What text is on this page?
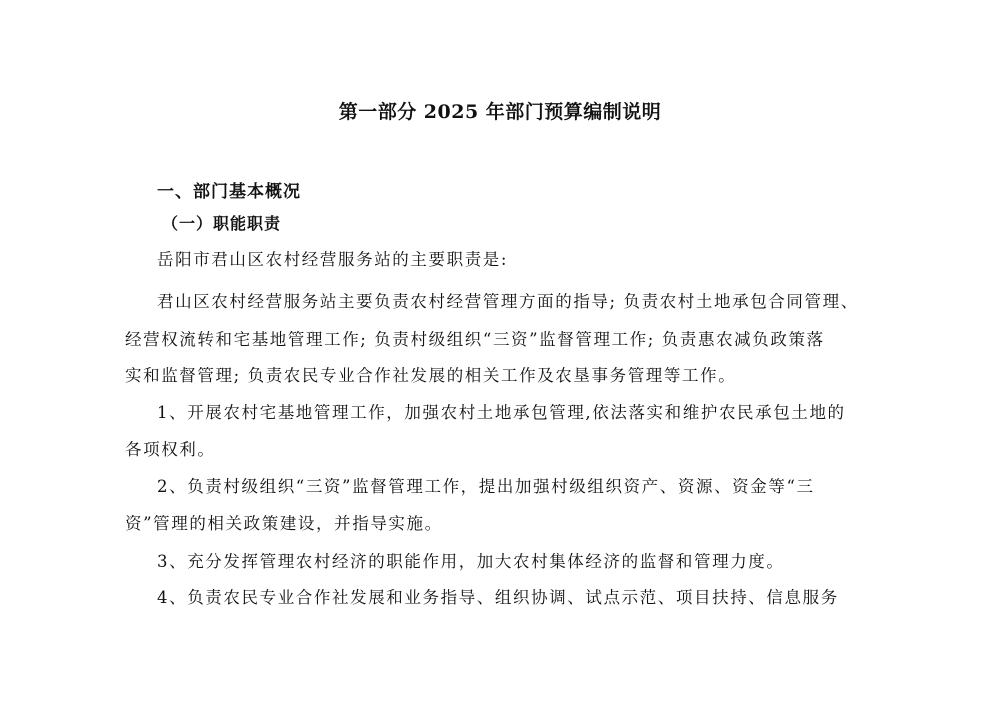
第一部分 2025 年部门预算编制说明
一、部门基本概况
（一）职能职责
岳阳市君山区农村经营服务站的主要职责是:
君山区农村经营服务站主要负责农村经营管理方面的指导; 负责农村土地承包合同管理、
经营权流转和宅基地管理工作; 负责村级组织“三资”监督管理工作; 负责惠农减负政策落
实和监督管理; 负责农民专业合作社发展的相关工作及农垦事务管理等工作。
1、开展农村宅基地管理工作，加强农村土地承包管理,依法落实和维护农民承包土地的
各项权利。
2、负责村级组织“三资”监督管理工作，提出加强村级组织资产、资源、资金等“三
资”管理的相关政策建设，并指导实施。
3、充分发挥管理农村经济的职能作用，加大农村集体经济的监督和管理力度。
4、负责农民专业合作社发展和业务指导、组织协调、试点示范、项目扶持、信息服务
